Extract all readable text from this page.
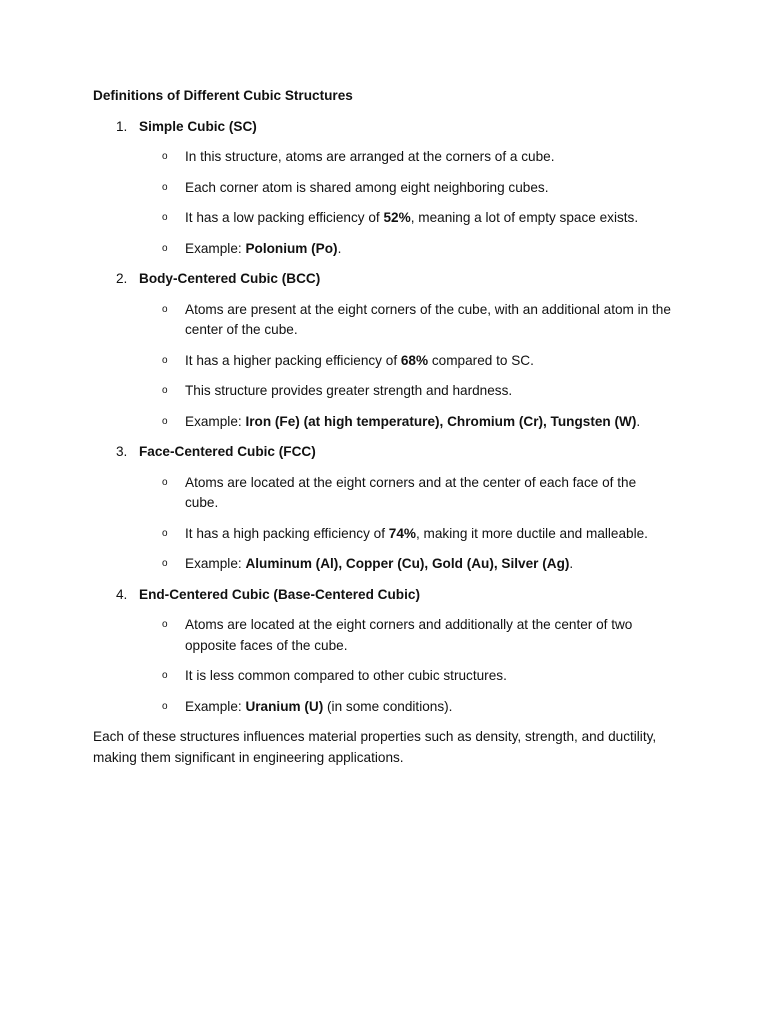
Definitions of Different Cubic Structures
1. Simple Cubic (SC)
o In this structure, atoms are arranged at the corners of a cube.
o Each corner atom is shared among eight neighboring cubes.
o It has a low packing efficiency of 52%, meaning a lot of empty space exists.
o Example: Polonium (Po).
2. Body-Centered Cubic (BCC)
o Atoms are present at the eight corners of the cube, with an additional atom in the center of the cube.
o It has a higher packing efficiency of 68% compared to SC.
o This structure provides greater strength and hardness.
o Example: Iron (Fe) (at high temperature), Chromium (Cr), Tungsten (W).
3. Face-Centered Cubic (FCC)
o Atoms are located at the eight corners and at the center of each face of the cube.
o It has a high packing efficiency of 74%, making it more ductile and malleable.
o Example: Aluminum (Al), Copper (Cu), Gold (Au), Silver (Ag).
4. End-Centered Cubic (Base-Centered Cubic)
o Atoms are located at the eight corners and additionally at the center of two opposite faces of the cube.
o It is less common compared to other cubic structures.
o Example: Uranium (U) (in some conditions).

Each of these structures influences material properties such as density, strength, and ductility, making them significant in engineering applications.
